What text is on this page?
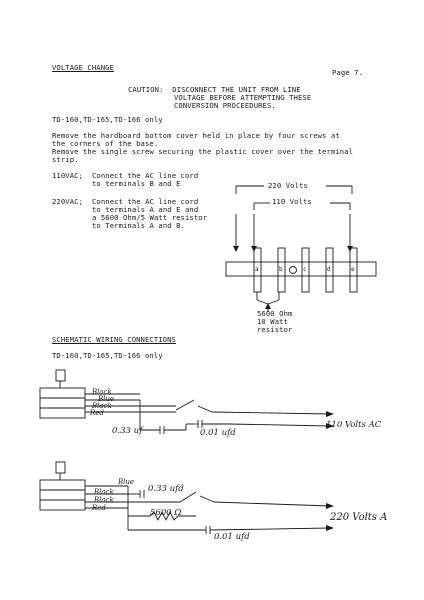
VOLTAGE CHANGE
Page 7.
CAUTION:  DISCONNECT THE UNIT FROM LINE
VOLTAGE BEFORE ATTEMPTING THESE
CONVERSION PROCEEDURES.
TD-160,TD-165,TD-166 only
Remove the hardboard bottom cover held in place by four screws at
the corners of the base.
Remove the single screw securing the plastic cover over the terminal
strip.
110VAC; Connect the AC line cord
to terminals B and E
220VAC; Connect the AC line cord
to terminals A and E and
a 5600 Ohm/5 Watt resistor
to Terminals A and B.
220 Volts
110 Volts
a	b	c	d	e
5600 Ohm
10 Watt
resistor
SCHEMATIC WIRING CONNECTIONS
TD-160,TD-165,TD-166 only
Black
Blue
Black
Red
0.33 uf	0.01 ufd
110 Volts AC
Blue
Black
Black
Red
0.33 ufd
5600 Ω
0.01 ufd
220 Volts A
